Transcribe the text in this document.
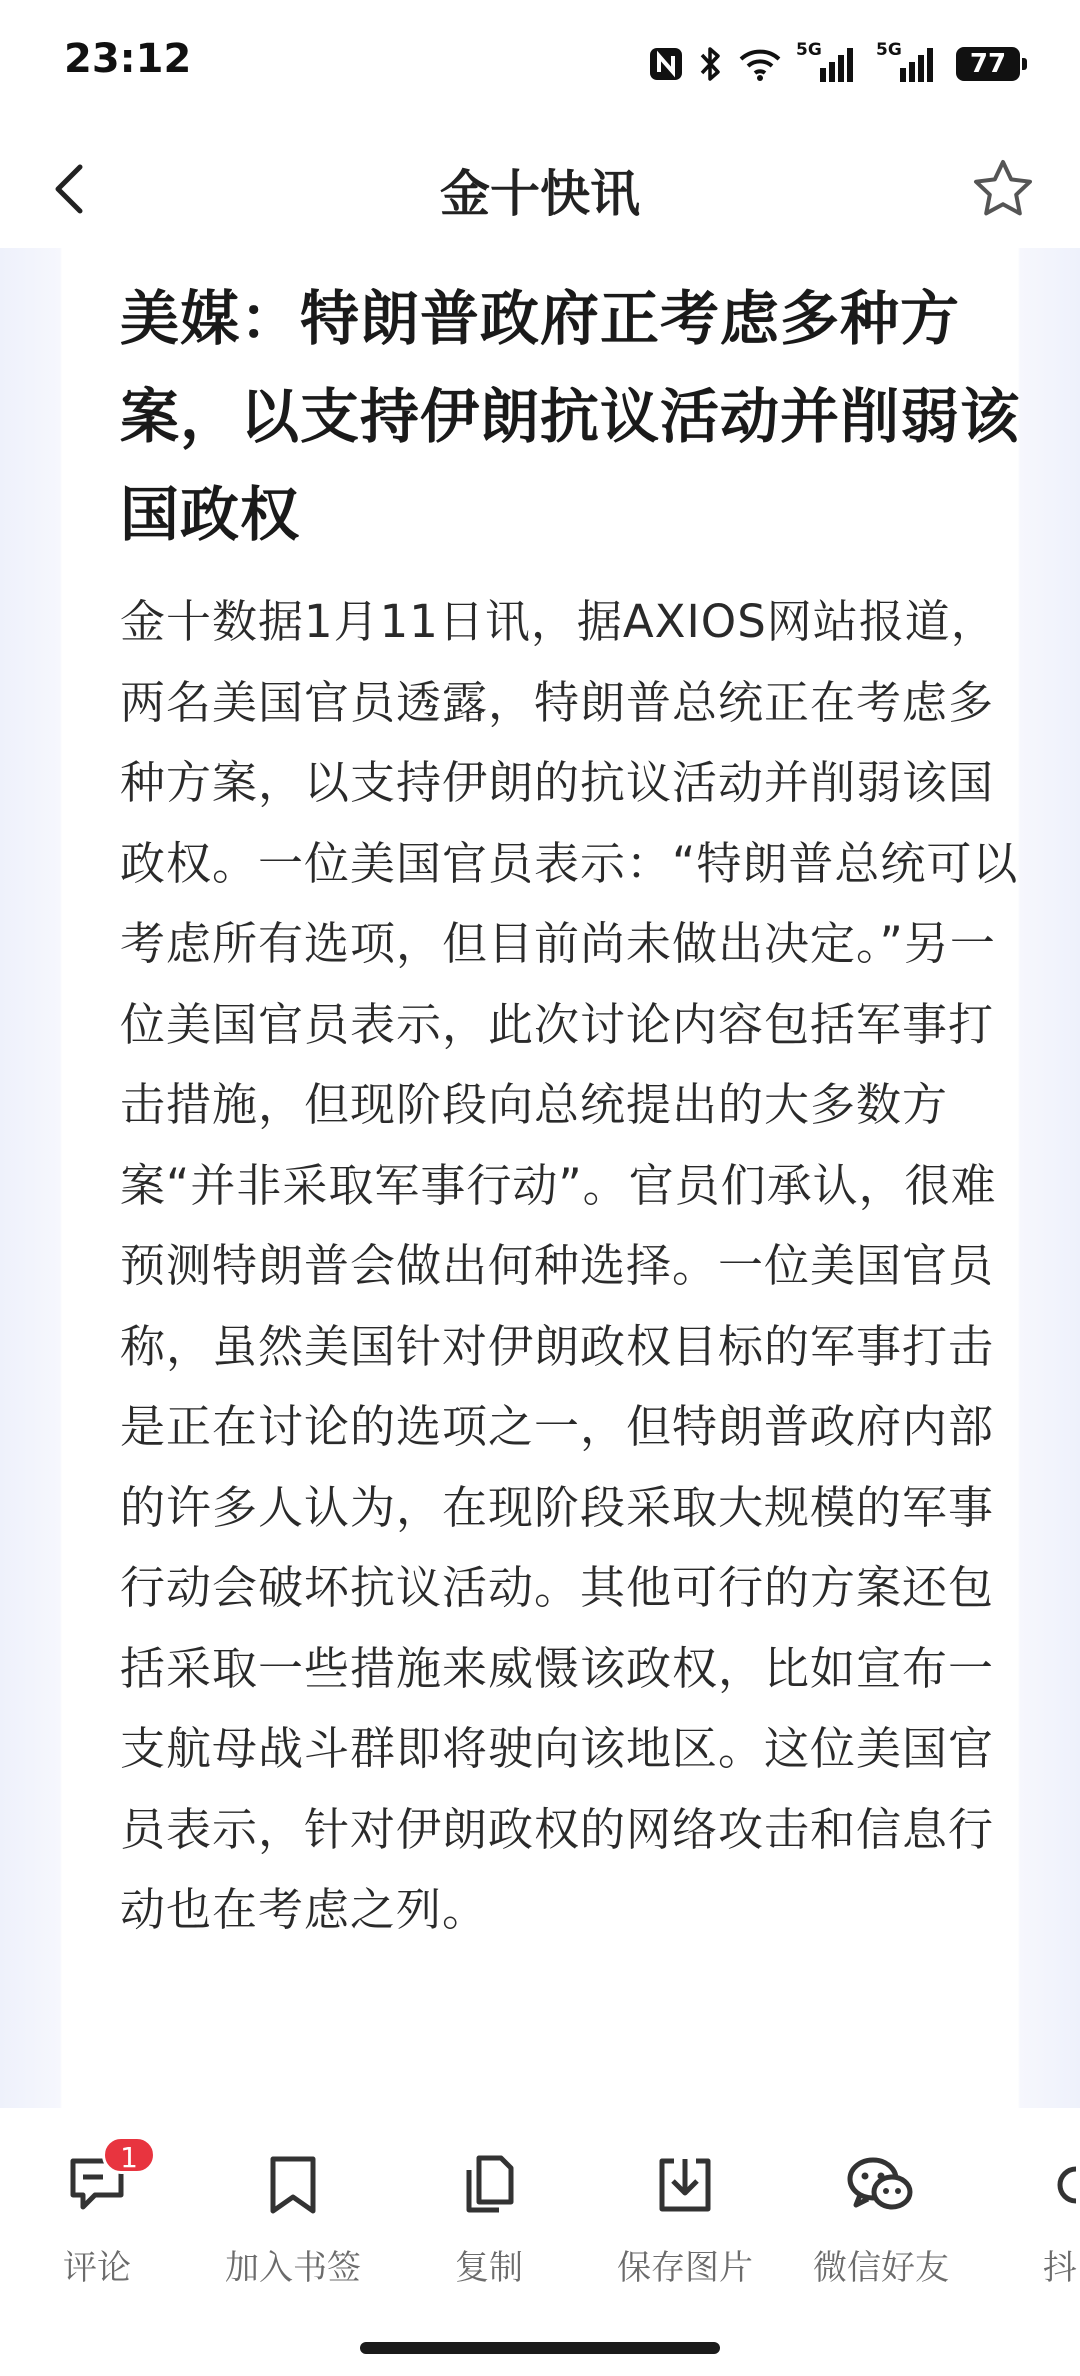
23:12	5G	5G	77
金十快讯
美媒：特朗普政府正考虑多种方案，以支持伊朗抗议活动并削弱该国政权

金十数据1月11日讯，据AXIOS网站报道，两名美国官员透露，特朗普总统正在考虑多种方案，以支持伊朗的抗议活动并削弱该国政权。一位美国官员表示：“特朗普总统可以考虑所有选项，但目前尚未做出决定。”另一位美国官员表示，此次讨论内容包括军事打击措施，但现阶段向总统提出的大多数方案“并非采取军事行动”。官员们承认，很难预测特朗普会做出何种选择。一位美国官员称，虽然美国针对伊朗政权目标的军事打击是正在讨论的选项之一，但特朗普政府内部的许多人认为，在现阶段采取大规模的军事行动会破坏抗议活动。其他可行的方案还包括采取一些措施来威慑该政权，比如宣布一支航母战斗群即将驶向该地区。这位美国官员表示，针对伊朗政权的网络攻击和信息行动也在考虑之列。

1
评论	加入书签	复制	保存图片	微信好友	抖
